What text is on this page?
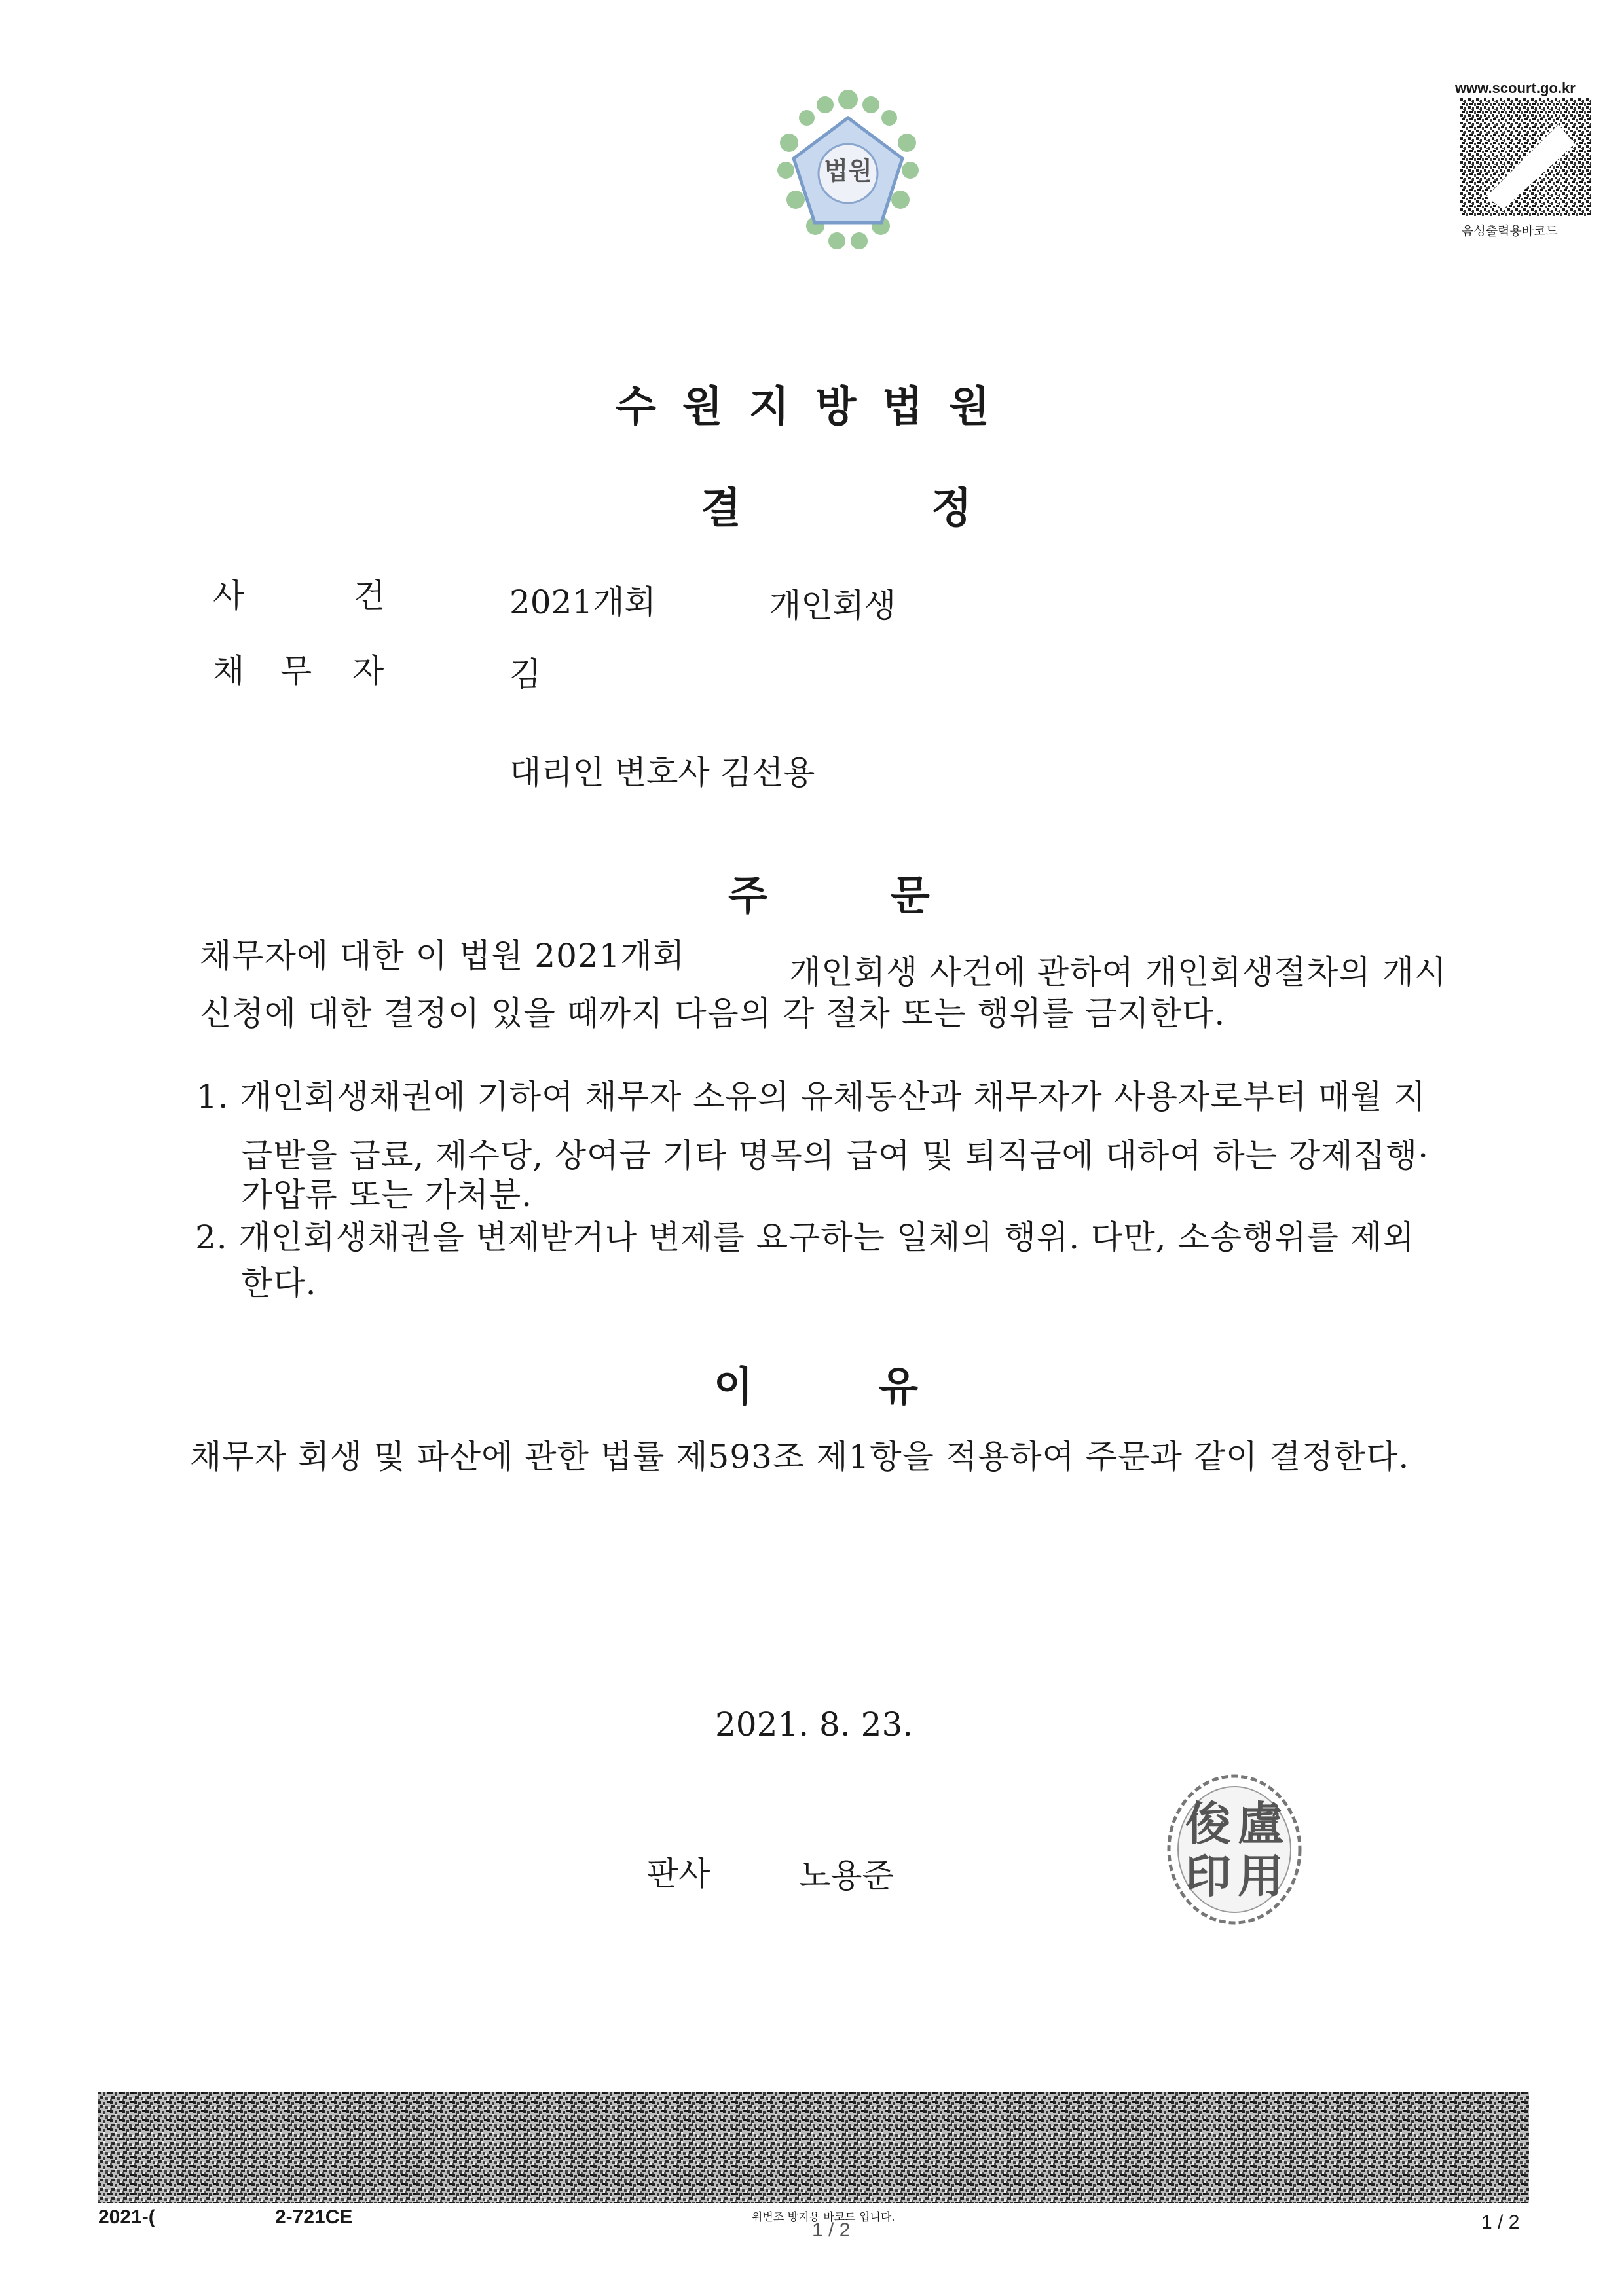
법원
www.scourt.go.kr
음성출력용바코드
수원지방법원
결	정
사	건	2021개회	개인회생
채 무 자	김
대리인 변호사 김선용
주	문
채무자에 대한 이 법원 2021개회	개인회생 사건에 관하여 개인회생절차의 개시
신청에 대한 결정이 있을 때까지 다음의 각 절차 또는 행위를 금지한다.
1. 개인회생채권에 기하여 채무자 소유의 유체동산과 채무자가 사용자로부터 매월 지
급받을 급료, 제수당, 상여금 기타 명목의 급여 및 퇴직금에 대하여 하는 강제집행·
가압류 또는 가처분.
2. 개인회생채권을 변제받거나 변제를 요구하는 일체의 행위. 다만, 소송행위를 제외
한다.
이	유
채무자 회생 및 파산에 관한 법률 제593조 제1항을 적용하여 주문과 같이 결정한다.
2021. 8. 23.
판사	노용준
盧
用
俊
印
2021-(	2-721CE	위변조 방지용 바코드 입니다.
1 / 2	1 / 2
